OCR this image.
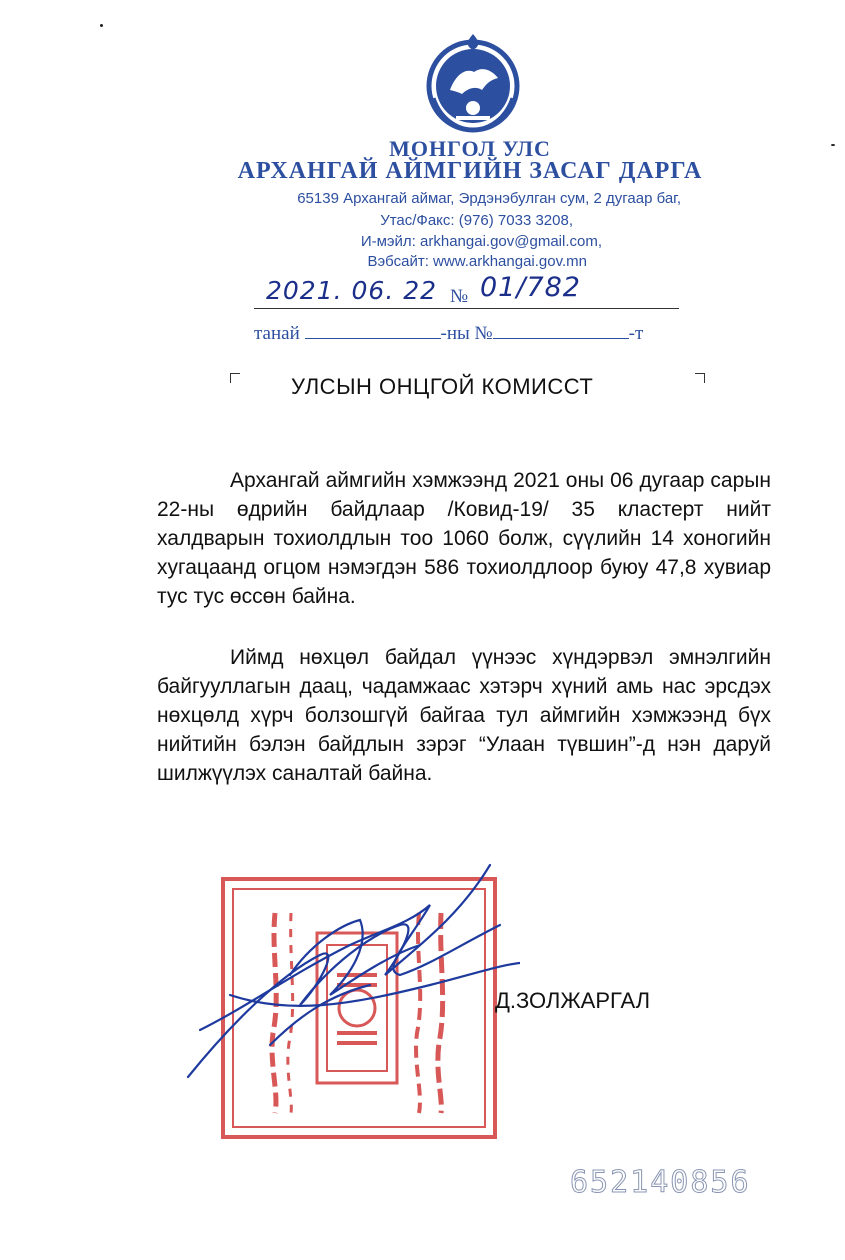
МОНГОЛ УЛС
АРХАНГАЙ АЙМГИЙН ЗАСАГ ДАРГА
65139 Архангай аймаг, Эрдэнэбулган сум, 2 дугаар баг,
Утас/Факс: (976) 7033 3208,
И-мэйл: arkhangai.gov@gmail.com,
Вэбсайт: www.arkhangai.gov.mn
2021. 06. 22 № 01/782
танай	-ны №	-т
УЛСЫН ОНЦГОЙ КОМИССТ
Архангай аймгийн хэмжээнд 2021 оны 06 дугаар сарын 22-ны өдрийн байдлаар /Ковид-19/ 35 кластерт нийт халдварын тохиолдлын тоо 1060 болж, сүүлийн 14 хоногийн хугацаанд огцом нэмэгдэн 586 тохиолдлоор буюу 47,8 хувиар тус тус өссөн байна.
Иймд нөхцөл байдал үүнээс хүндэрвэл эмнэлгийн байгууллагын даац, чадамжаас хэтэрч хүний амь нас эрсдэх нөхцөлд хүрч болзошгүй байгаа тул аймгийн хэмжээнд бүх нийтийн бэлэн байдлын зэрэг “Улаан түвшин”-д нэн даруй шилжүүлэх саналтай байна.
Д.ЗОЛЖАРГАЛ
652140856
